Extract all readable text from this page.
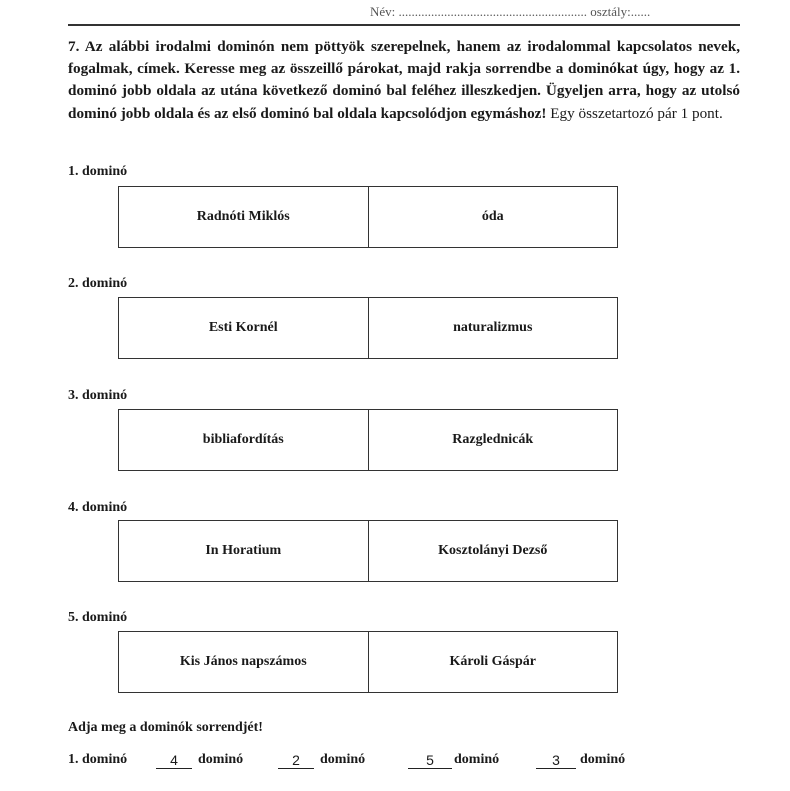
Név: .......................................................... osztály:......
7. Az alábbi irodalmi dominón nem pöttyök szerepelnek, hanem az irodalommal kapcsolatos nevek, fogalmak, címek. Keresse meg az összeillő párokat, majd rakja sorrendbe a dominókat úgy, hogy az 1. dominó jobb oldala az utána következő dominó bal feléhez illeszkedjen. Ügyeljen arra, hogy az utolsó dominó jobb oldala és az első dominó bal oldala kapcsolódjon egymáshoz! Egy összetartozó pár 1 pont.
1. dominó
Radnóti Miklós	óda
2. dominó
Esti Kornél	naturalizmus
3. dominó
bibliafordítás	Razglednicák
4. dominó
In Horatium	Kosztolányi Dezső
5. dominó
Kis János napszámos	Károli Gáspár
Adja meg a dominók sorrendjét!
1. dominó	4	dominó	2	dominó	5	dominó	3	dominó
